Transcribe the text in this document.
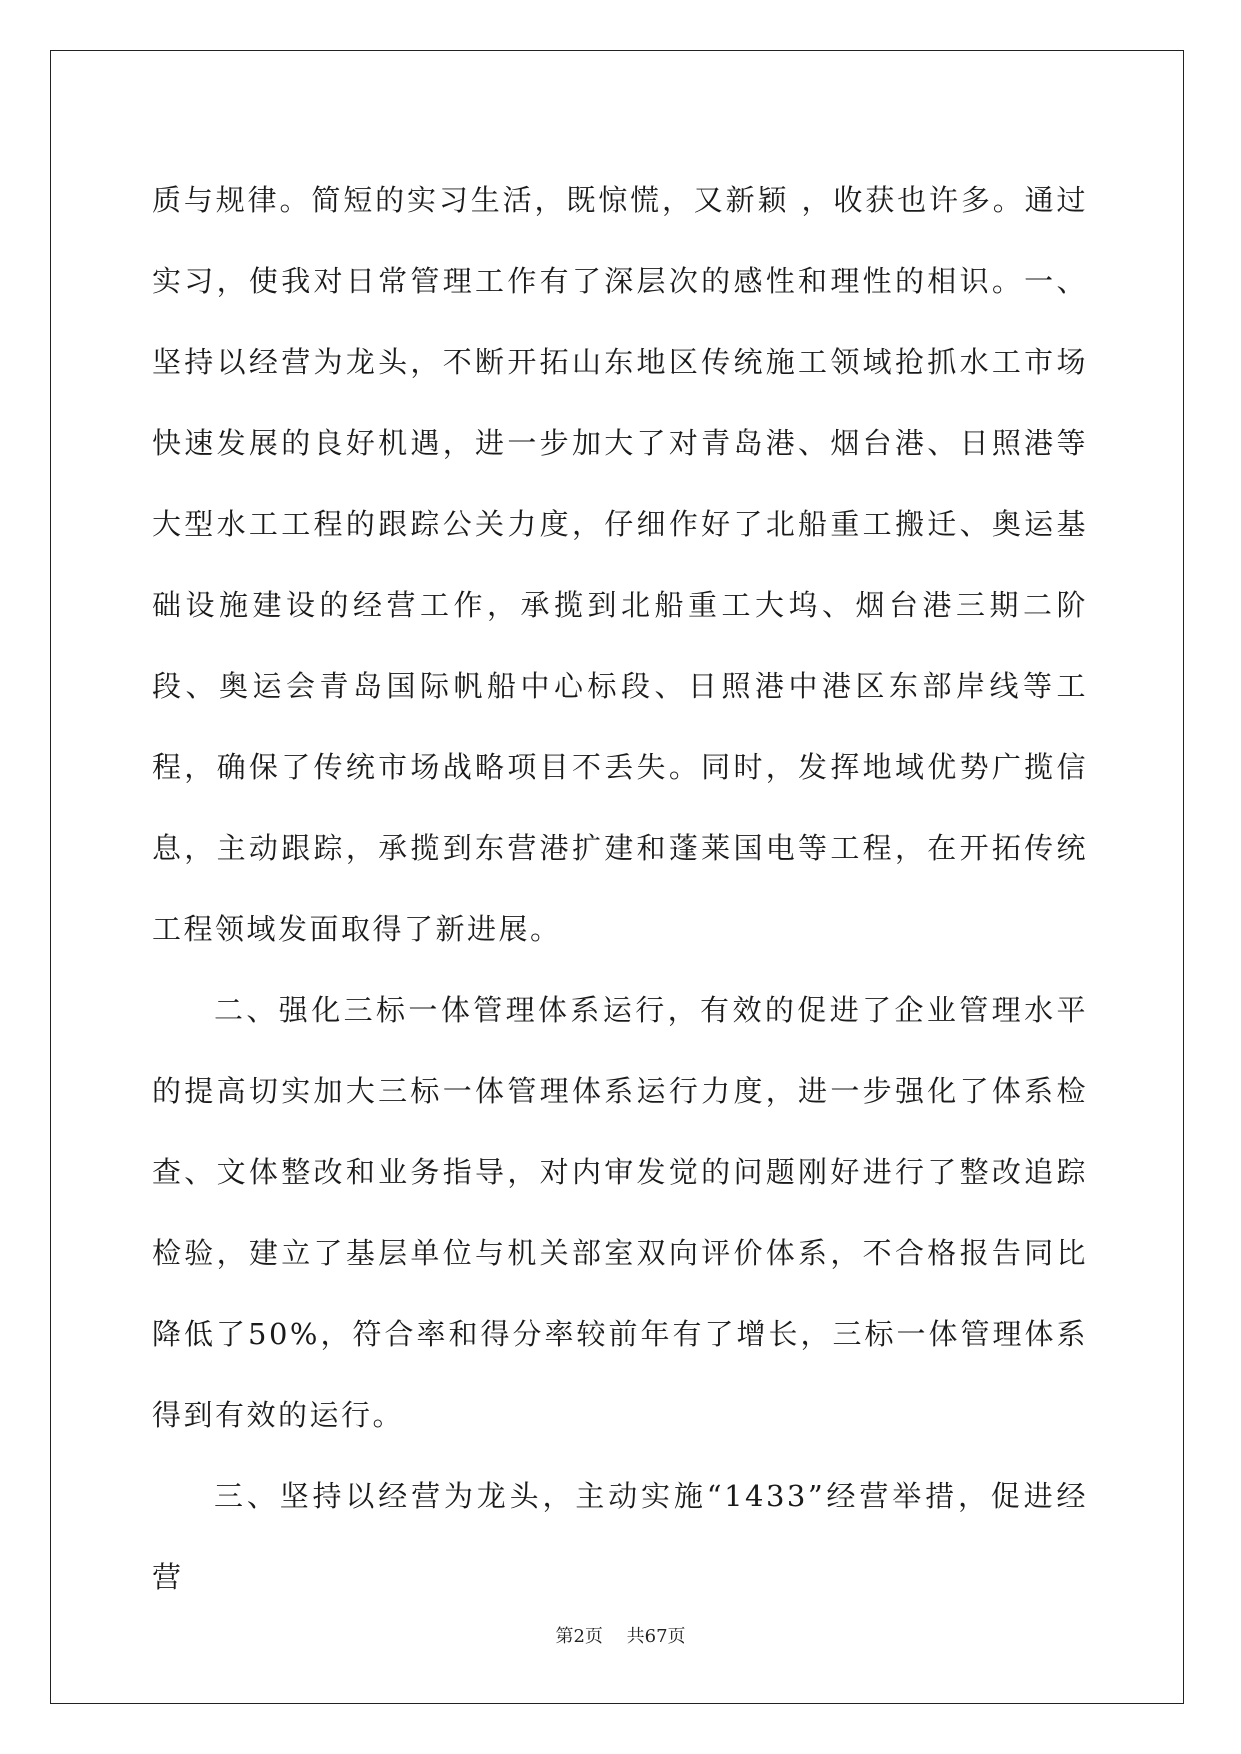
质与规律。简短的实习生活，既惊慌，又新颖 ，收获也许多。通过实习，使我对日常管理工作有了深层次的感性和理性的相识。一、坚持以经营为龙头，不断开拓山东地区传统施工领域抢抓水工市场快速发展的良好机遇，进一步加大了对青岛港、烟台港、日照港等大型水工工程的跟踪公关力度，仔细作好了北船重工搬迁、奥运基础设施建设的经营工作，承揽到北船重工大坞、烟台港三期二阶段、奥运会青岛国际帆船中心标段、日照港中港区东部岸线等工程，确保了传统市场战略项目不丢失。同时，发挥地域优势广揽信息，主动跟踪，承揽到东营港扩建和蓬莱国电等工程，在开拓传统工程领域发面取得了新进展。

二、强化三标一体管理体系运行，有效的促进了企业管理水平的提高切实加大三标一体管理体系运行力度，进一步强化了体系检查、文体整改和业务指导，对内审发觉的问题刚好进行了整改追踪检验，建立了基层单位与机关部室双向评价体系，不合格报告同比降低了50%，符合率和得分率较前年有了增长，三标一体管理体系得到有效的运行。

三、坚持以经营为龙头，主动实施“1433”经营举措，促进经营

第2页 共67页
